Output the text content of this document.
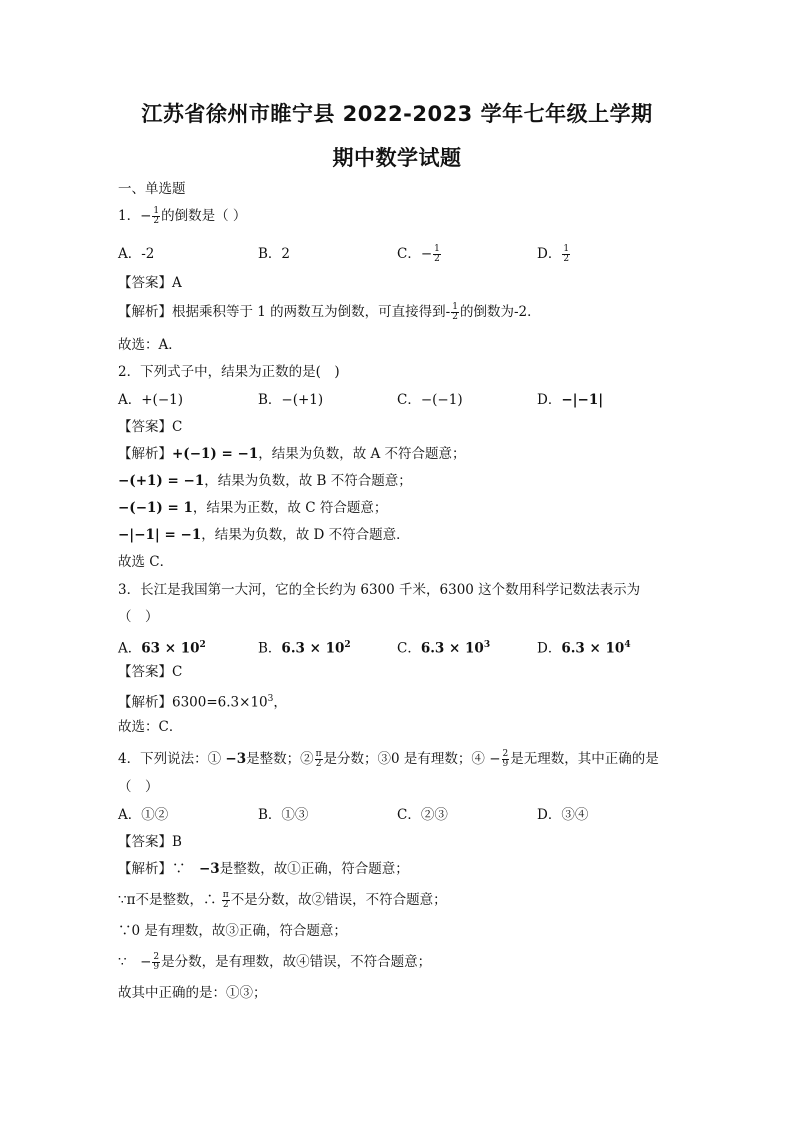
江苏省徐州市睢宁县 2022-2023 学年七年级上学期
期中数学试题
一、单选题
1．− $\frac{1}{2}$ 的倒数是（ ）
A．-2	B．2	C．− $\frac{1}{2}$	D． $\frac{1}{2}$
【答案】A
【解析】根据乘积等于 1 的两数互为倒数，可直接得到- $\frac{1}{2}$ 的倒数为-2．
故选：A．
2．下列式子中，结果为正数的是(　)
A．+(−1)	B．−(+1)	C．−(−1)	D．−|−1|
【答案】C
【解析】+(−1) = −1，结果为负数，故 A 不符合题意；
−(+1) = −1，结果为负数，故 B 不符合题意；
−(−1) = 1，结果为正数，故 C 符合题意；
−|−1| = −1，结果为负数，故 D 不符合题意．
故选 C．
3．长江是我国第一大河，它的全长约为 6300 千米，6300 这个数用科学记数法表示为
（　）
A．$63 \times 10^2$	B．$6.3 \times 10^2$	C．$6.3 \times 10^3$	D．$6.3 \times 10^4$
【答案】C
【解析】$6300=6.3\times 10^3$，
故选：C．
4．下列说法：① −3是整数；② $\frac{\pi}{2}$ 是分数；③0 是有理数；④ − $\frac{2}{9}$ 是无理数，其中正确的是
（　）
A．①②	B．①③	C．②③	D．③④
【答案】B
【解析】∵　−3是整数，故①正确，符合题意；
∵π不是整数，∴ $\frac{\pi}{2}$ 不是分数，故②错误，不符合题意；
∵0 是有理数，故③正确，符合题意；
∵　− $\frac{2}{9}$ 是分数，是有理数，故④错误，不符合题意；
故其中正确的是：①③；
